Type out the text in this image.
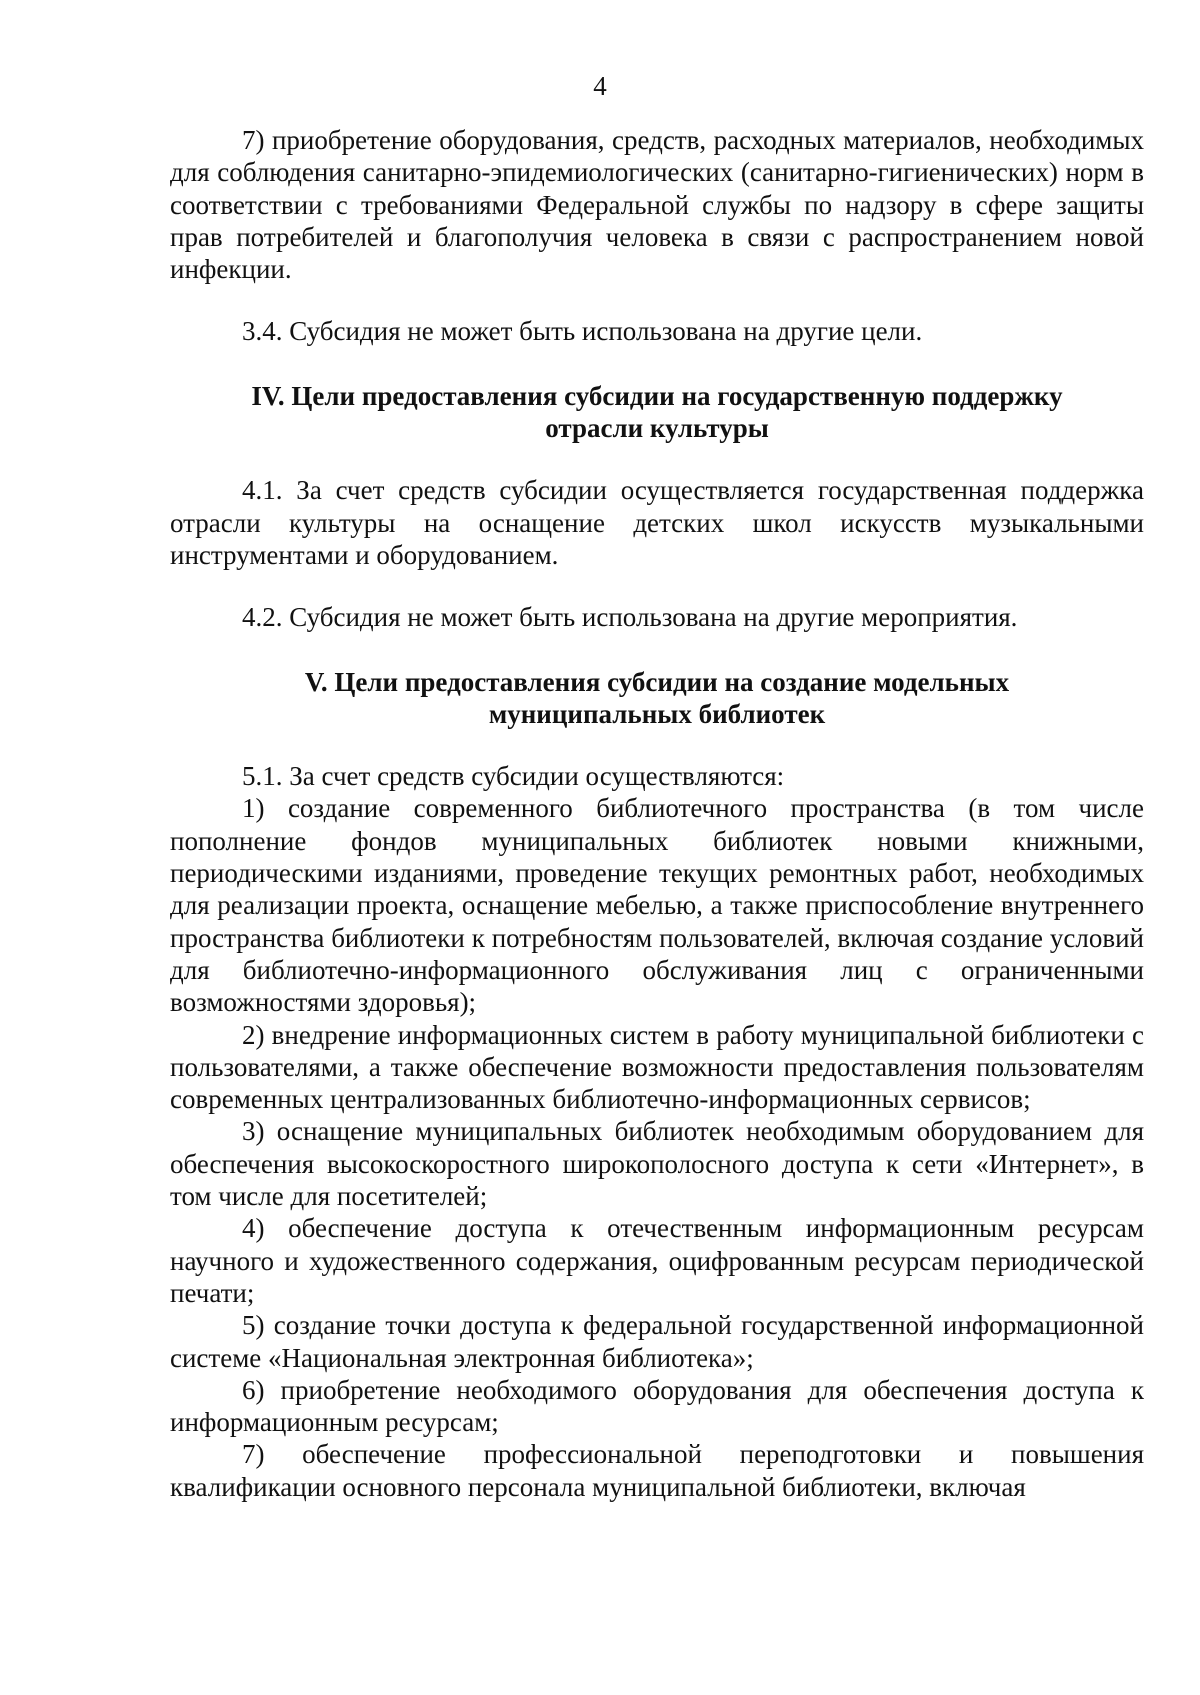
4

7) приобретение оборудования, средств, расходных материалов, необходимых для соблюдения санитарно-эпидемиологических (санитарно-гигиенических) норм в соответствии с требованиями Федеральной службы по надзору в сфере защиты прав потребителей и благополучия человека в связи с распространением новой инфекции.

3.4. Субсидия не может быть использована на другие цели.

IV. Цели предоставления субсидии на государственную поддержку
отрасли культуры

4.1. За счет средств субсидии осуществляется государственная поддержка отрасли культуры на оснащение детских школ искусств музыкальными инструментами и оборудованием.

4.2. Субсидия не может быть использована на другие мероприятия.

V. Цели предоставления субсидии на создание модельных
муниципальных библиотек

5.1. За счет средств субсидии осуществляются:

1) создание современного библиотечного пространства (в том числе пополнение фондов муниципальных библиотек новыми книжными, периодическими изданиями, проведение текущих ремонтных работ, необходимых для реализации проекта, оснащение мебелью, а также приспособление внутреннего пространства библиотеки к потребностям пользователей, включая создание условий для библиотечно-информационного обслуживания лиц с ограниченными возможностями здоровья);

2) внедрение информационных систем в работу муниципальной библиотеки с пользователями, а также обеспечение возможности предоставления пользователям современных централизованных библиотечно-информационных сервисов;

3) оснащение муниципальных библиотек необходимым оборудованием для обеспечения высокоскоростного широкополосного доступа к сети «Интернет», в том числе для посетителей;

4) обеспечение доступа к отечественным информационным ресурсам научного и художественного содержания, оцифрованным ресурсам периодической печати;

5) создание точки доступа к федеральной государственной информационной системе «Национальная электронная библиотека»;

6) приобретение необходимого оборудования для обеспечения доступа к информационным ресурсам;

7) обеспечение профессиональной переподготовки и повышения квалификации основного персонала муниципальной библиотеки, включая
